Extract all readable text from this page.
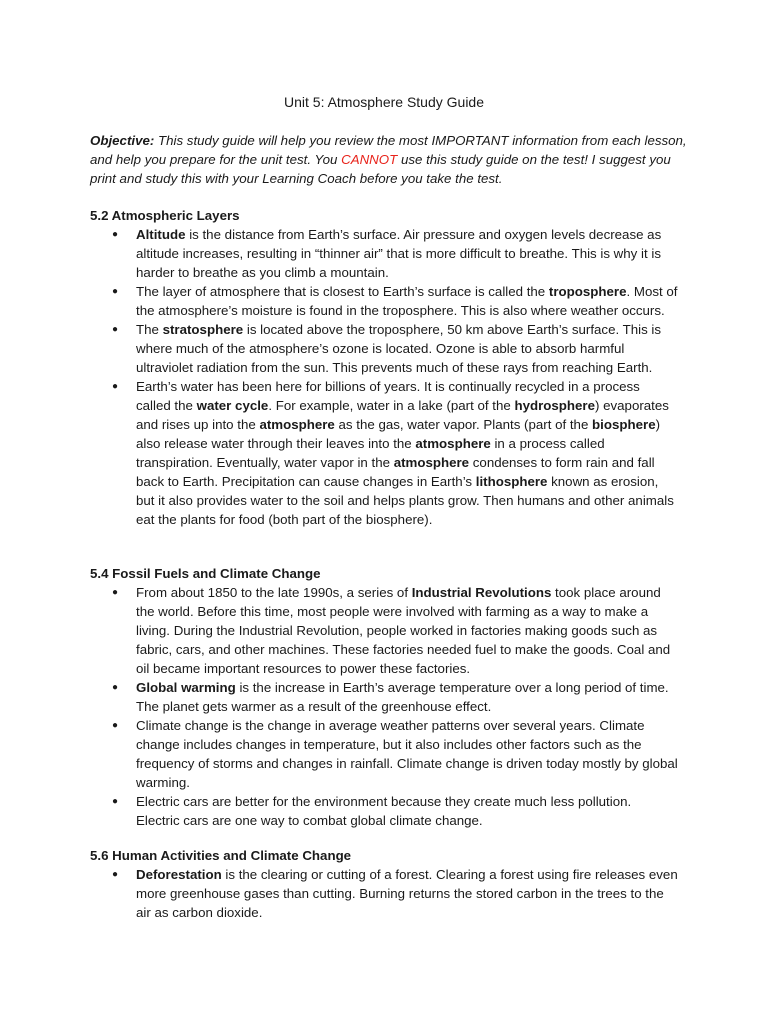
Unit 5: Atmosphere Study Guide
Objective: This study guide will help you review the most IMPORTANT information from each lesson, and help you prepare for the unit test. You CANNOT use this study guide on the test! I suggest you print and study this with your Learning Coach before you take the test.
5.2 Atmospheric Layers
● Altitude is the distance from Earth’s surface. Air pressure and oxygen levels decrease as altitude increases, resulting in “thinner air” that is more difficult to breathe. This is why it is harder to breathe as you climb a mountain.
● The layer of atmosphere that is closest to Earth’s surface is called the troposphere. Most of the atmosphere’s moisture is found in the troposphere. This is also where weather occurs.
● The stratosphere is located above the troposphere, 50 km above Earth’s surface. This is where much of the atmosphere’s ozone is located. Ozone is able to absorb harmful ultraviolet radiation from the sun. This prevents much of these rays from reaching Earth.
● Earth’s water has been here for billions of years. It is continually recycled in a process called the water cycle. For example, water in a lake (part of the hydrosphere) evaporates and rises up into the atmosphere as the gas, water vapor. Plants (part of the biosphere) also release water through their leaves into the atmosphere in a process called transpiration. Eventually, water vapor in the atmosphere condenses to form rain and fall back to Earth. Precipitation can cause changes in Earth’s lithosphere known as erosion, but it also provides water to the soil and helps plants grow. Then humans and other animals eat the plants for food (both part of the biosphere).
5.4 Fossil Fuels and Climate Change
● From about 1850 to the late 1990s, a series of Industrial Revolutions took place around the world. Before this time, most people were involved with farming as a way to make a living. During the Industrial Revolution, people worked in factories making goods such as fabric, cars, and other machines. These factories needed fuel to make the goods. Coal and oil became important resources to power these factories.
● Global warming is the increase in Earth’s average temperature over a long period of time. The planet gets warmer as a result of the greenhouse effect.
● Climate change is the change in average weather patterns over several years. Climate change includes changes in temperature, but it also includes other factors such as the frequency of storms and changes in rainfall. Climate change is driven today mostly by global warming.
● Electric cars are better for the environment because they create much less pollution. Electric cars are one way to combat global climate change.
5.6 Human Activities and Climate Change
● Deforestation is the clearing or cutting of a forest. Clearing a forest using fire releases even more greenhouse gases than cutting. Burning returns the stored carbon in the trees to the air as carbon dioxide.
